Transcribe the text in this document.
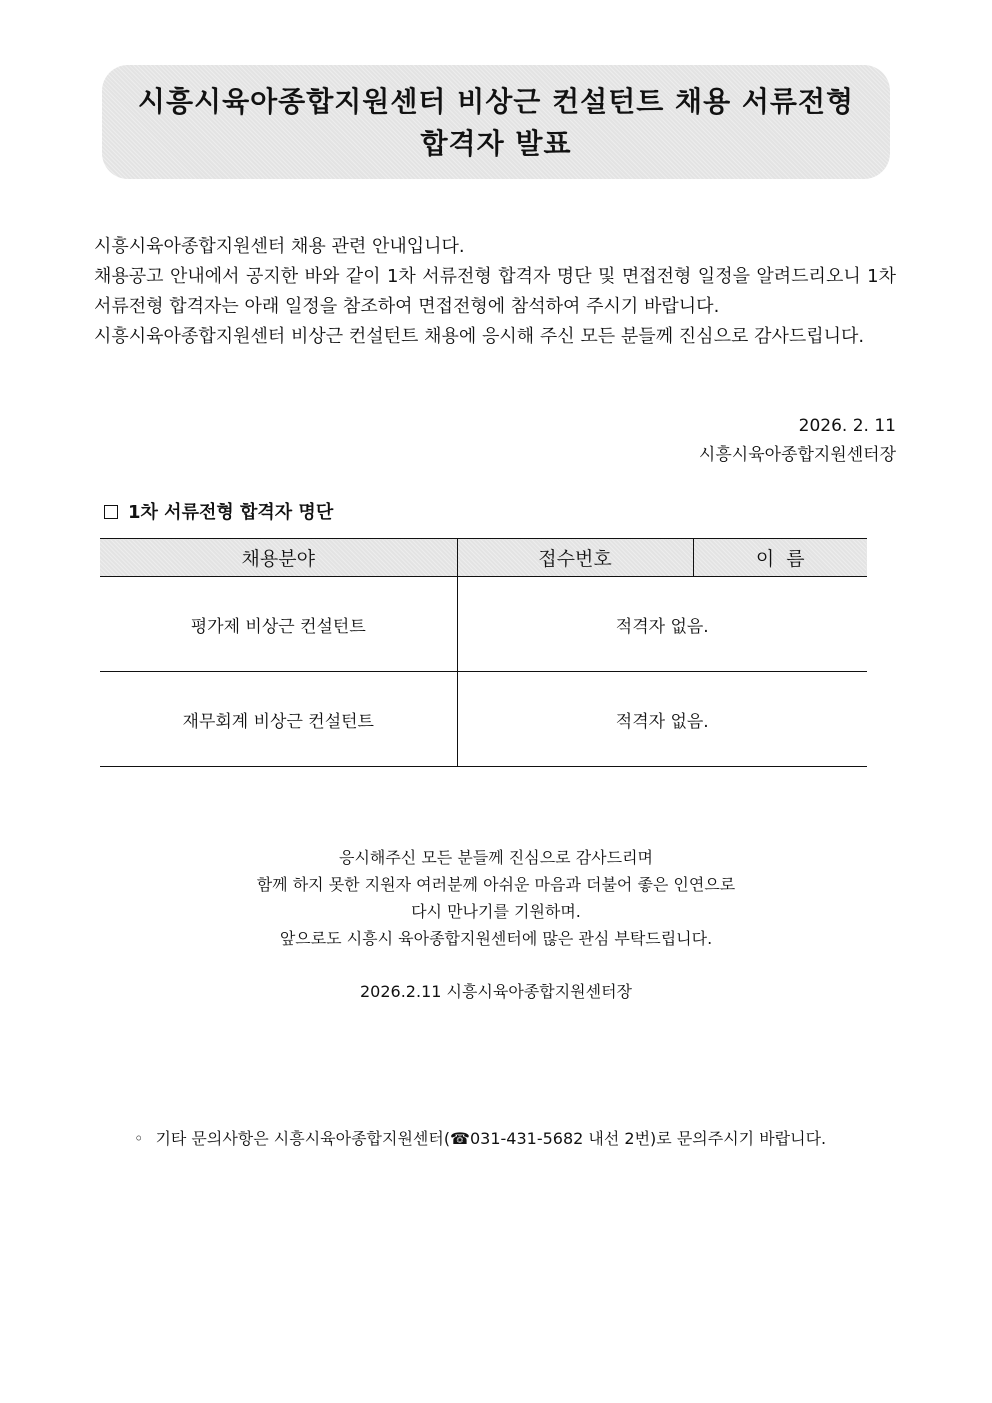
시흥시육아종합지원센터 비상근 컨설턴트 채용 서류전형
합격자 발표

시흥시육아종합지원센터 채용 관련 안내입니다.

채용공고 안내에서 공지한 바와 같이 1차 서류전형 합격자 명단 및 면접전형 일정을 알려드리오니 1차 서류전형 합격자는 아래 일정을 참조하여 면접전형에 참석하여 주시기 바랍니다.

시흥시육아종합지원센터 비상근 컨설턴트 채용에 응시해 주신 모든 분들께 진심으로 감사드립니다.

2026. 2. 11
시흥시육아종합지원센터장
1차 서류전형 합격자 명단
채용분야	접수번호	이  름
평가제 비상근 컨설턴트	적격자 없음.	
재무회계 비상근 컨설턴트	적격자 없음.	

응시해주신 모든 분들께 진심으로 감사드리며

함께 하지 못한 지원자 여러분께 아쉬운 마음과 더불어 좋은 인연으로

다시 만나기를 기원하며.

앞으로도 시흥시 육아종합지원센터에 많은 관심 부탁드립니다.

2026.2.11 시흥시육아종합지원센터장

◦ 기타 문의사항은 시흥시육아종합지원센터(☎031-431-5682 내선 2번)로 문의주시기 바랍니다.
